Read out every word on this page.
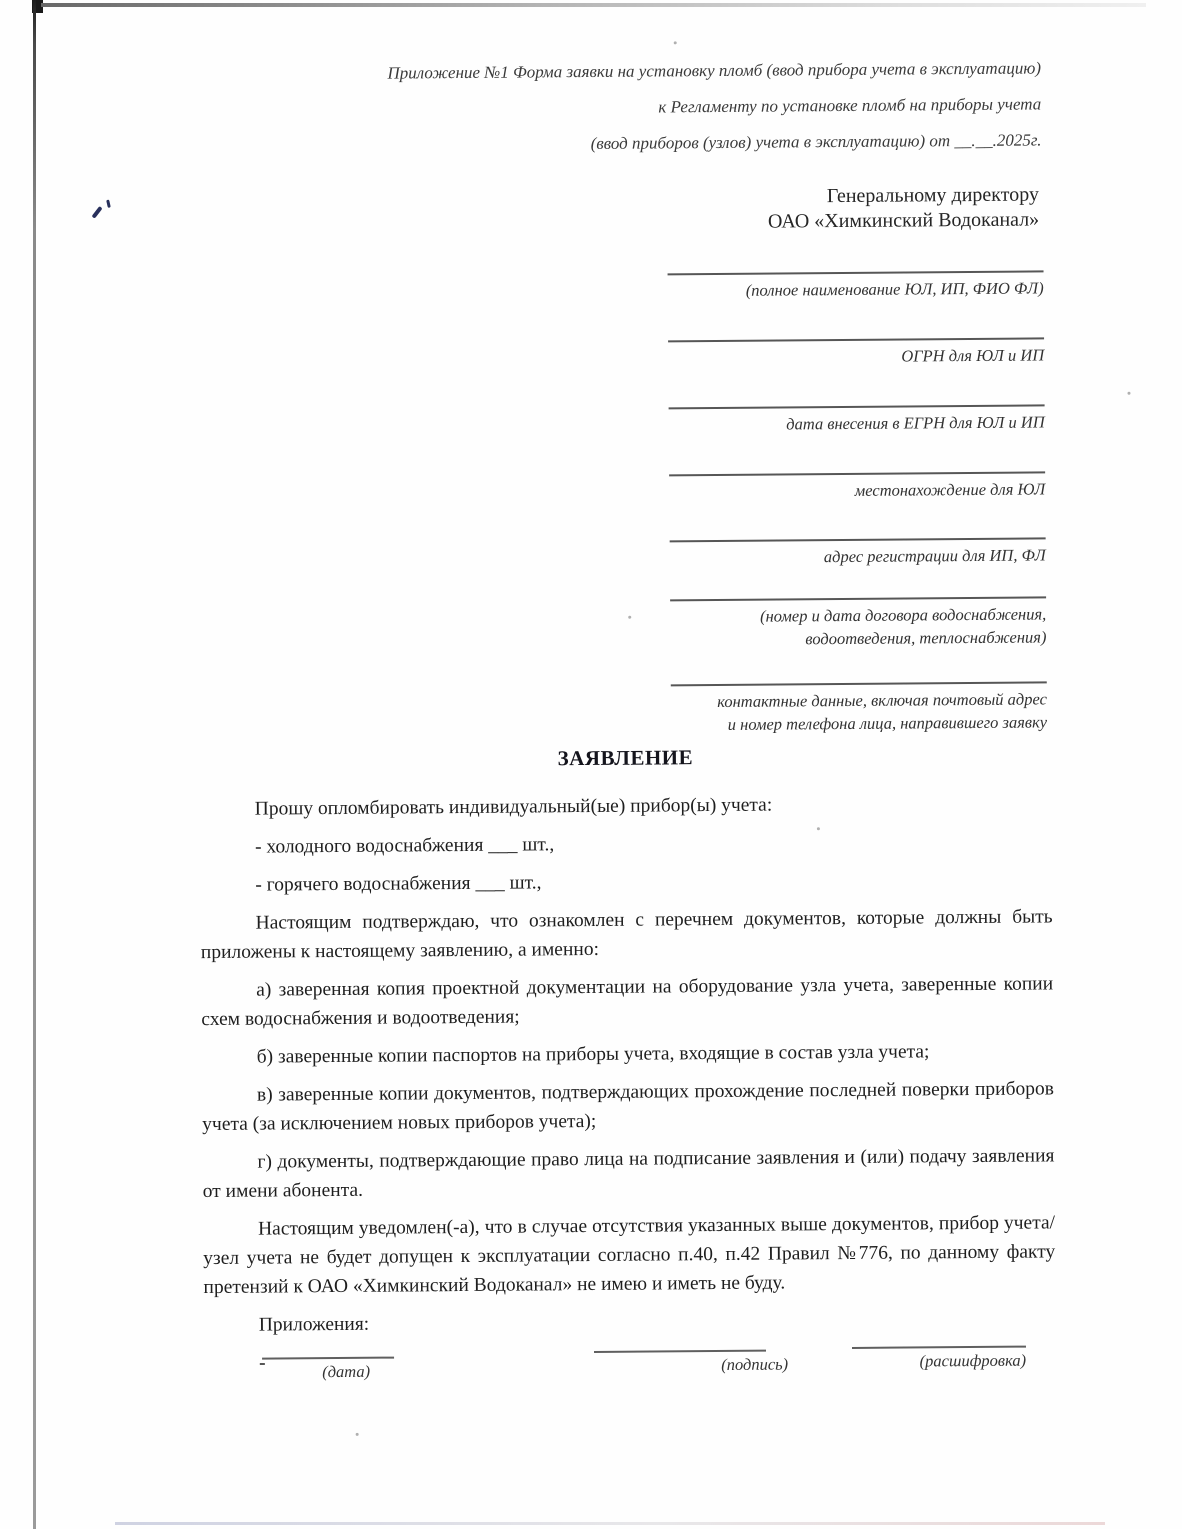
Приложение №1 Форма заявки на установку пломб (ввод прибора учета в эксплуатацию)
к Регламенту по установке пломб на приборы учета
(ввод приборов (узлов) учета в эксплуатацию) от __.__.2025г.
Генеральному директору
ОАО «Химкинский Водоканал»
(полное наименование ЮЛ, ИП, ФИО ФЛ)
ОГРН для ЮЛ и ИП
дата внесения в ЕГРН для ЮЛ и ИП
местонахождение для ЮЛ
адрес регистрации для ИП, ФЛ
(номер и дата договора водоснабжения,
водоотведения, теплоснабжения)
контактные данные, включая почтовый адрес
и номер телефона лица, направившего заявку
ЗАЯВЛЕНИЕ

Прошу опломбировать индивидуальный(ые) прибор(ы) учета:

- холодного водоснабжения ___ шт.,

- горячего водоснабжения ___ шт.,

Настоящим подтверждаю, что ознакомлен с перечнем документов, которые должны быть приложены к настоящему заявлению, а именно:

а) заверенная копия проектной документации на оборудование узла учета, заверенные копии схем водоснабжения и водоотведения;

б) заверенные копии паспортов на приборы учета, входящие в состав узла учета;

в) заверенные копии документов, подтверждающих прохождение последней поверки приборов учета (за исключением новых приборов учета);

г) документы, подтверждающие право лица на подписание заявления и (или) подачу заявления от имени абонента.

Настоящим уведомлен(-а), что в случае отсутствия указанных выше документов, прибор учета/узел учета не будет допущен к эксплуатации согласно п.40, п.42 Правил №776, по данному факту претензий к ОАО «Химкинский Водоканал» не имею и иметь не буду.

Приложения:

-	(дата)	(подпись)	(расшифровка)
